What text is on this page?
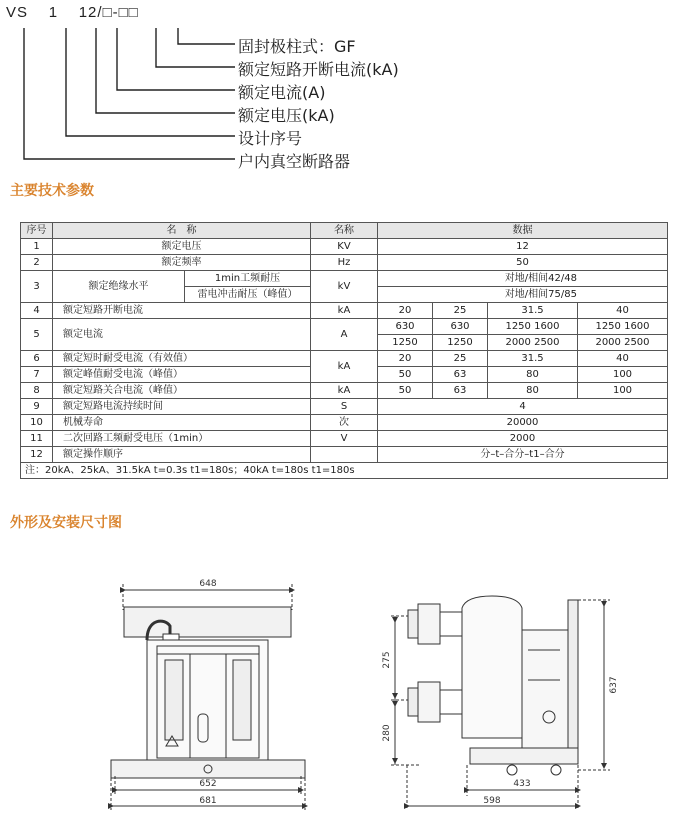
VS 1 12/□-□□
固封极柱式：GF
额定短路开断电流(kA)
额定电流(A)
额定电压(kA)
设计序号
户内真空断路器
主要技术参数
序号	名　称		名称	数据			
1	额定电压		KV	12			
2	额定频率		Hz	50			
3	额定绝缘水平	1min工频耐压	kV	对地/相间42/48			
		雷电冲击耐压（峰值）		对地/相间75/85			
4	额定短路开断电流		kA	20	25	31.5	40
5	额定电流		A	630	630	1250 1600	1250 1600
				1250	1250	2000 2500	2000 2500
6	额定短时耐受电流（有效值）		kA	20	25	31.5	40
7	额定峰值耐受电流（峰值）			50	63	80	100
8	额定短路关合电流（峰值）		kA	50	63	80	100
9	额定短路电流持续时间		S	4			
10	机械寿命		次	20000			
11	二次回路工频耐受电压（1min）		V	2000			
12	额定操作顺序			分–t–合分–t1–合分			
注：20kA、25kA、31.5kA t=0.3s t1=180s；40kA t=180s t1=180s							
外形及安装尺寸图
648
652
681
275
280
637
433
598
